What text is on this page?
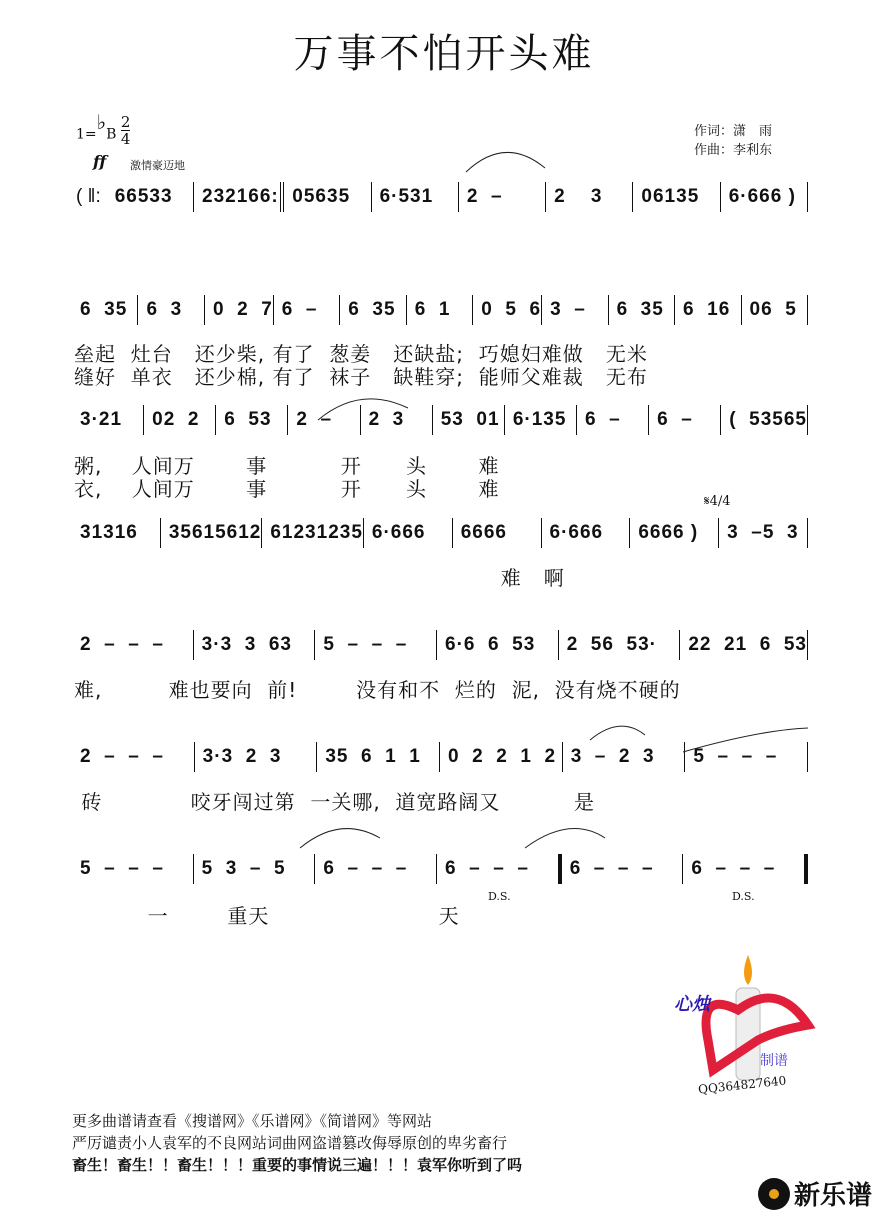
万事不怕开头难
1=♭B $\frac{2}{4}$	作词：潇　雨
作曲：李利东
ff 激情豪迈地
𝄋4/4
( ‖: 66533	232166: 05635	6·531	2  –	2    3	06135	6·666 )
6  35	6  3	0  2  7 6  –	6  35	6  1	0  5  6 3  –	6  35	6  16	06  5
垒起  灶台   还少柴, 有了  葱姜   还缺盐;  巧媳妇难做   无米
缝好  单衣   还少棉, 有了  袜子   缺鞋穿;  能师父难裁   无布
3·21	02  2	6  53	2  –	2  3	53  01 6·135 6  –	6  –	(  53565
粥,    人间万       事          开      头       难
衣,    人间万       事          开      头       难
31316	35615612 61231235 6·666	6666	6·666	6666 )	3  –5  3
难   啊
2  –  –  –	3·3  3  63	5  –  –  –	6·6  6  53	2  56  53·	22  21  6  53
难,         难也要向  前!        没有和不  烂的  泥,  没有烧不硬的
2  –  –  –	3·3  2  3	35  6  1  1	0  2  2  1  2 3  –  2  3	5  –  –  –
砖            咬牙闯过第  一关哪,  道宽路阔又          是
5  –  –  –	5  3  –  5	6  –  –  –	6  –  –  –	6  –  –  –	6  –  –  –
一        重天                       天
D.S.	D.S.
心烛
制谱
QQ364827640
更多曲谱请查看《搜谱网》《乐谱网》《简谱网》等网站
严厉谴责小人袁军的不良网站词曲网盗谱篡改侮辱原创的卑劣畜行
畜生！畜生！！畜生！！！重要的事情说三遍！！！袁军你听到了吗
新乐谱
